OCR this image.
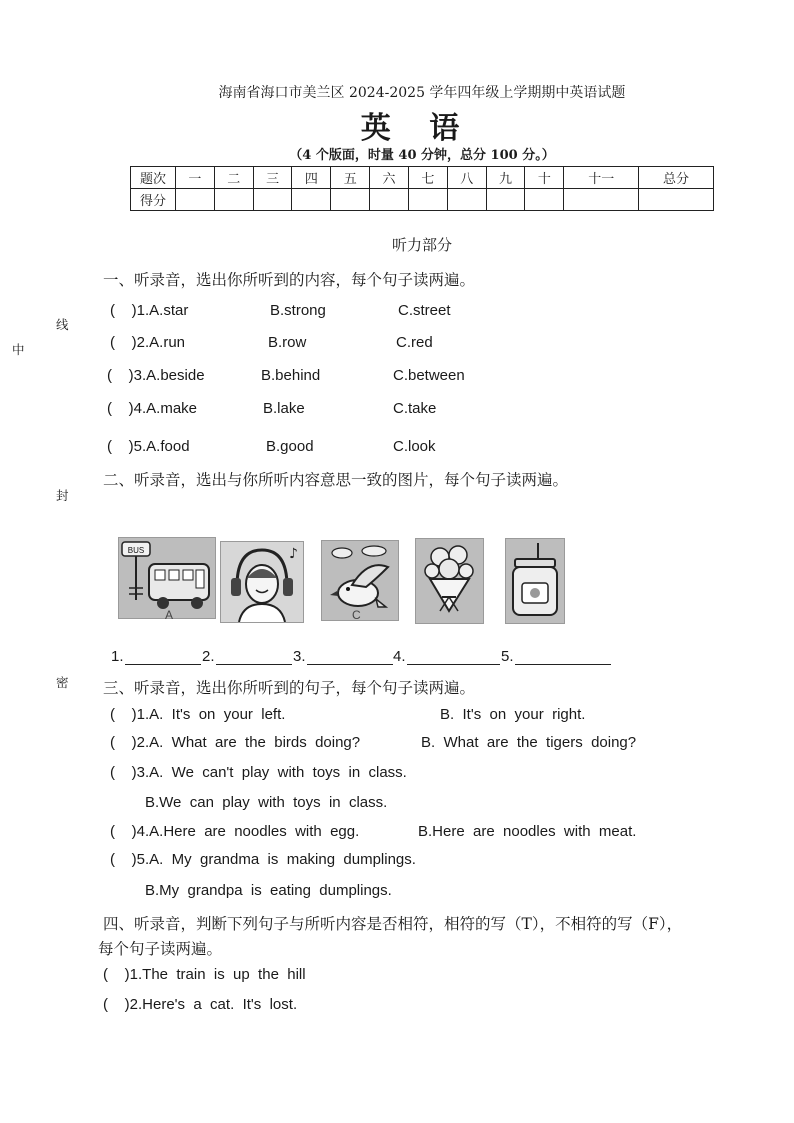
海南省海口市美兰区 2024-2025 学年四年级上学期期中英语试题
英 语
（4 个版面，时量 40 分钟，总分 100 分。）
题次	一	二	三	四	五	六	七	八	九	十	十一	总分
得分												
线
中
封
密
听力部分
一、听录音，选出你所听到的内容，每个句子读两遍。
(    )1.A.star	B.strong	C.street
(    )2.A.run	B.row	C.red
(    )3.A.beside	B.behind	C.between
(    )4.A.make	B.lake	C.take
(    )5.A.food	B.good	C.look
二、听录音，选出与你所听内容意思一致的图片，每个句子读两遍。
BUS
A
♪
C
1.	2.	3.	4.	5.
三、听录音，选出你所听到的句子，每个句子读两遍。
(    )1.A.  It's  on  your  left.	B.  It's  on  your  right.
(    )2.A.  What  are  the  birds  doing?	B.  What  are  the  tigers  doing?
(    )3.A.  We  can't  play  with  toys  in  class.
B.We  can  play  with  toys  in  class.
(    )4.A.Here  are  noodles  with  egg.	B.Here  are  noodles  with  meat.
(    )5.A.  My  grandma  is  making  dumplings.
B.My  grandpa  is  eating  dumplings.
四、听录音，判断下列句子与所听内容是否相符，相符的写（T），不相符的写（F），
每个句子读两遍。
(    )1.The  train  is  up  the  hill
(    )2.Here's  a  cat.  It's  lost.
